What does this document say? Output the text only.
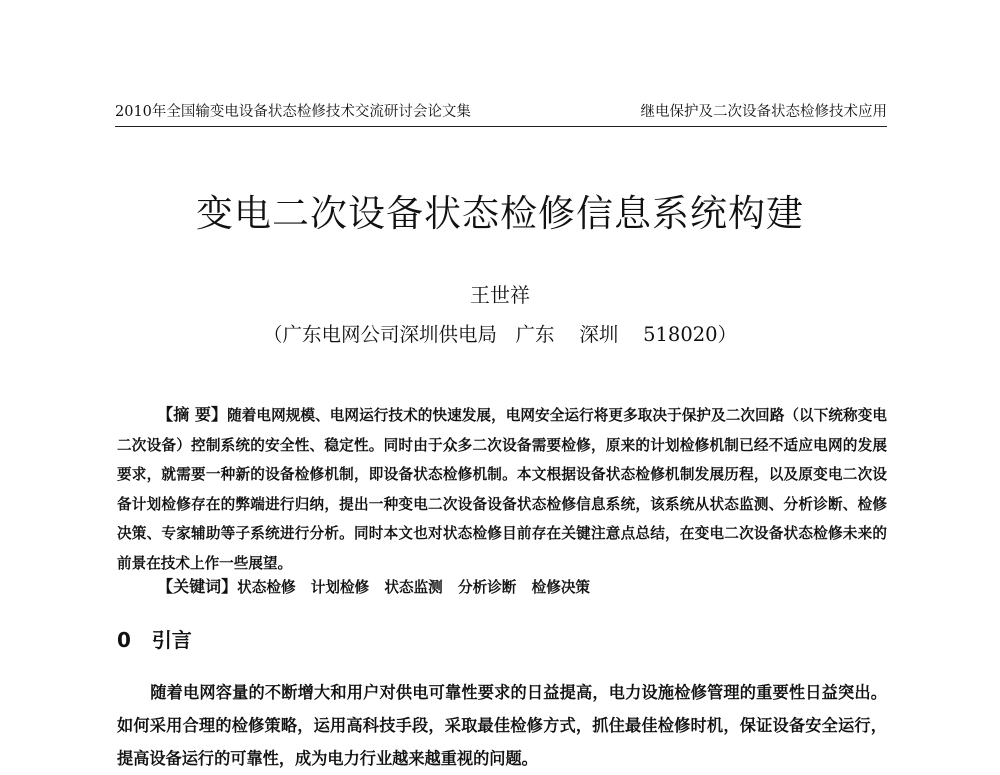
2010年全国输变电设备状态检修技术交流研讨会论文集	继电保护及二次设备状态检修技术应用
变电二次设备状态检修信息系统构建
王世祥
（广东电网公司深圳供电局   广东    深圳    518020）
【摘 要】随着电网规模、电网运行技术的快速发展，电网安全运行将更多取决于保护及二次回路（以下统称变电二次设备）控制系统的安全性、稳定性。同时由于众多二次设备需要检修，原来的计划检修机制已经不适应电网的发展要求，就需要一种新的设备检修机制，即设备状态检修机制。本文根据设备状态检修机制发展历程，以及原变电二次设备计划检修存在的弊端进行归纳，提出一种变电二次设备设备状态检修信息系统，该系统从状态监测、分析诊断、检修决策、专家辅助等子系统进行分析。同时本文也对状态检修目前存在关键注意点总结，在变电二次设备状态检修未来的前景在技术上作一些展望。
【关键词】状态检修   计划检修   状态监测   分析诊断   检修决策
0 引言
随着电网容量的不断增大和用户对供电可靠性要求的日益提高，电力设施检修管理的重要性日益突出。如何采用合理的检修策略，运用高科技手段，采取最佳检修方式，抓住最佳检修时机，保证设备安全运行，提高设备运行的可靠性，成为电力行业越来越重视的问题。
